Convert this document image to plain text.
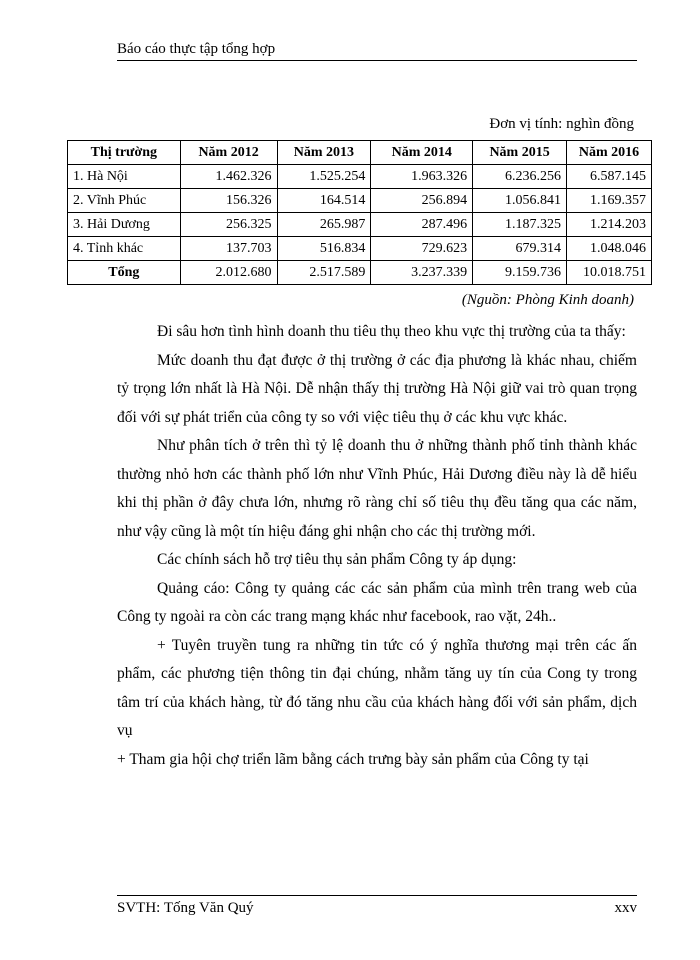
Báo cáo thực tập tổng hợp
Đơn vị tính: nghìn đồng
Thị trường	Năm 2012	Năm 2013	Năm 2014	Năm 2015	Năm 2016
1. Hà Nội	1.462.326	1.525.254	1.963.326	6.236.256	6.587.145
2. Vĩnh Phúc	156.326	164.514	256.894	1.056.841	1.169.357
3. Hải Dương	256.325	265.987	287.496	1.187.325	1.214.203
4. Tỉnh khác	137.703	516.834	729.623	679.314	1.048.046
Tổng	2.012.680	2.517.589	3.237.339	9.159.736	10.018.751
(Nguồn: Phòng Kinh doanh)

Đi sâu hơn tình hình doanh thu tiêu thụ theo khu vực thị trường của ta thấy:

Mức doanh thu đạt được ở thị trường ở các địa phương là khác nhau, chiếm tỷ trọng lớn nhất là Hà Nội. Dễ nhận thấy thị trường Hà Nội giữ vai trò quan trọng đối với sự phát triển của công ty so với việc tiêu thụ ở các khu vực khác.

Như phân tích ở trên thì tỷ lệ doanh thu ở những thành phố tỉnh thành khác thường nhỏ hơn các thành phố lớn như Vĩnh Phúc, Hải Dương điều này là dễ hiểu khi thị phần ở đây chưa lớn, nhưng rõ ràng chỉ số tiêu thụ đều tăng qua các năm, như vậy cũng là một tín hiệu đáng ghi nhận cho các thị trường mới.

Các chính sách hỗ trợ tiêu thụ sản phẩm Công ty áp dụng:

Quảng cáo: Công ty quảng các các sản phẩm của mình trên trang web của Công ty ngoài ra còn các trang mạng khác như facebook, rao vặt, 24h..

+ Tuyên truyền tung ra những tin tức có ý nghĩa thương mại trên các ấn phẩm, các phương tiện thông tin đại chúng, nhằm tăng uy tín của Cong ty trong tâm trí của khách hàng, từ đó tăng nhu cầu của khách hàng đối với sản phẩm, dịch vụ

+ Tham gia hội chợ triển lãm bằng cách trưng bày sản phẩm của Công ty tại

SVTH: Tống Văn Quý	xxv
